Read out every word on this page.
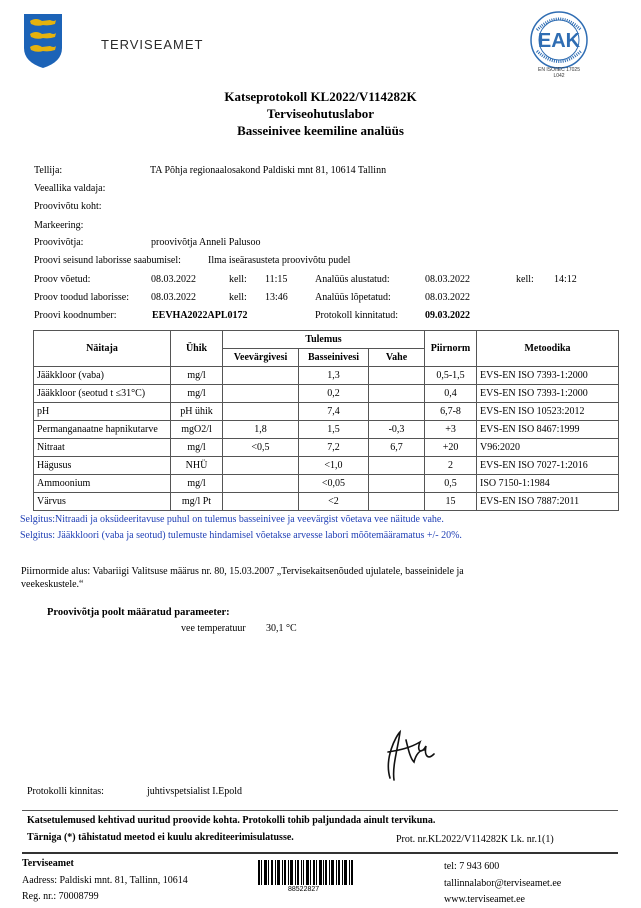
TERVISEAMET	EAK
EN ISO/IEC 17025
L042
Katseprotokoll KL2022/V114282K
Terviseohutuslabor
Basseinivee keemiline analüüs
Tellija:	TA Põhja regionaalosakond Paldiski mnt 81, 10614 Tallinn
Veeallika valdaja:
Proovivõtu koht:
Markeering:
Proovivõtja:	proovivõtja Anneli Palusoo
Proovi seisund laborisse saabumisel:	Ilma iseärasusteta proovivõtu pudel
Proov võetud:	08.03.2022	kell: 11:15	Analüüs alustatud:	08.03.2022	kell: 14:12
Proov toodud laborisse: 08.03.2022	kell: 13:46	Analüüs lõpetatud:	08.03.2022
Proovi koodnumber:	EEVHA2022APL0172	Protokoll kinnitatud:	09.03.2022
Näitaja	Ühik	Tulemus			Piirnorm	Metoodika
		Veevärgivesi	Basseinivesi	Vahe		
Jääkkloor (vaba)	mg/l		1,3		0,5-1,5	EVS-EN ISO 7393-1:2000
Jääkkloor (seotud t ≤31°C)	mg/l		0,2		0,4	EVS-EN ISO 7393-1:2000
pH	pH ühik		7,4		6,7-8	EVS-EN ISO 10523:2012
Permanganaatne hapnikutarve	mgO2/l	1,8	1,5	-0,3	+3	EVS-EN ISO 8467:1999
Nitraat	mg/l	<0,5	7,2	6,7	+20	V96:2020
Hägusus	NHÜ		<1,0		2	EVS-EN ISO 7027-1:2016
Ammoonium	mg/l		<0,05		0,5	ISO 7150-1:1984
Värvus	mg/l Pt		<2		15	EVS-EN ISO 7887:2011
Selgitus:Nitraadi ja oksüdeeritavuse puhul on tulemus basseinivee ja veevärgist võetava vee näitude vahe.
Selgitus: Jääkkloori (vaba ja seotud) tulemuste hindamisel võetakse arvesse labori mõõtemääramatus +/- 20%.
Piirnormide alus: Vabariigi Valitsuse määrus nr. 80, 15.03.2007 „Tervisekaitsenõuded ujulatele, basseinidele ja
veekeskustele.“
Proovivõtja poolt määratud parameeter:
vee temperatuur 30,1 °C
Protokolli kinnitas:	juhtivspetsialist I.Epold
Katsetulemused kehtivad uuritud proovide kohta. Protokolli tohib paljundada ainult tervikuna.
Tärniga (*) tähistatud meetod ei kuulu akrediteerimisulatusse.	Prot. nr.KL2022/V114282K Lk. nr.1(1)
Terviseamet
Aadress: Paldiski mnt. 81, Tallinn, 10614
Reg. nr.: 70008799
88522827
tel: 7 943 600
tallinnalabor@terviseamet.ee
www.terviseamet.ee
